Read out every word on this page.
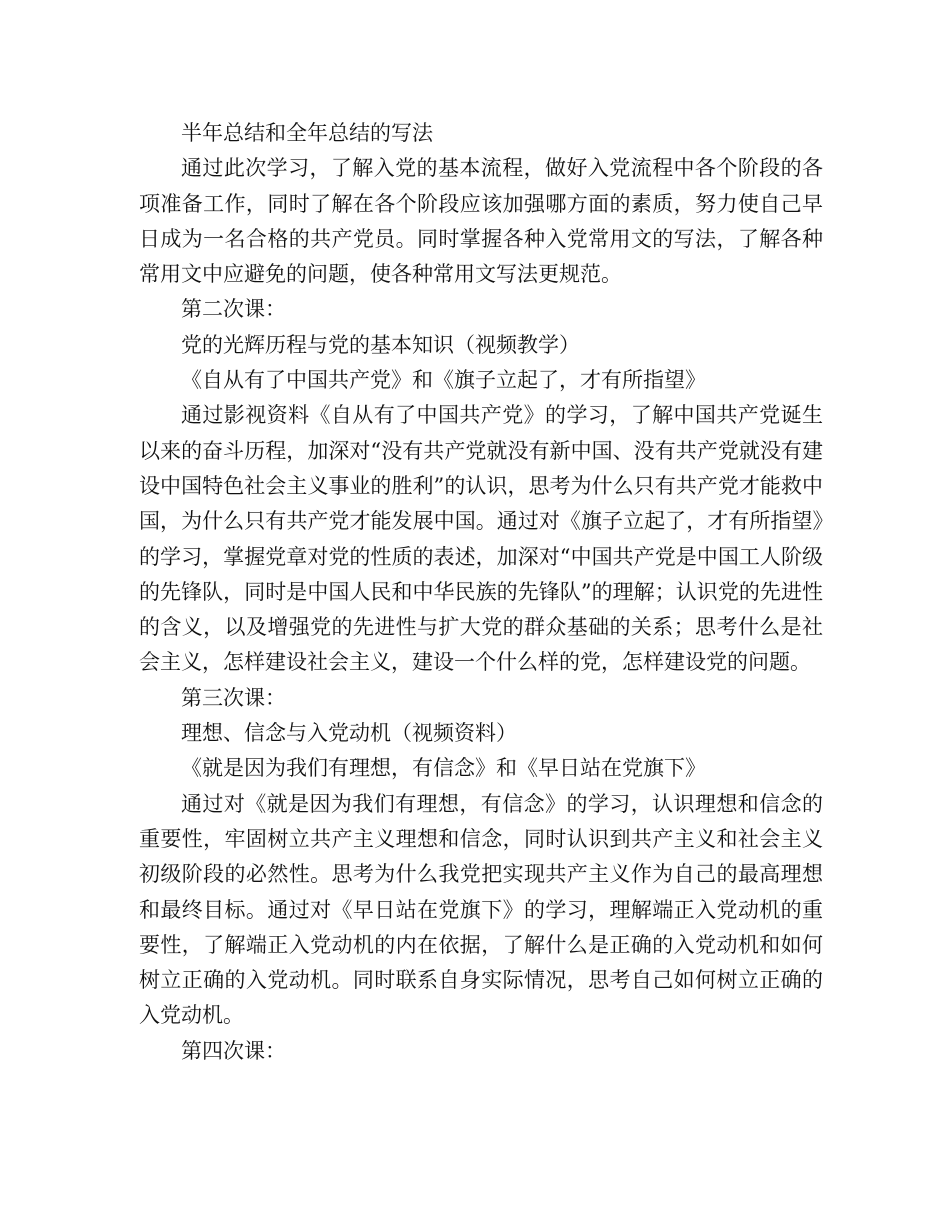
半年总结和全年总结的写法

通过此次学习，了解入党的基本流程，做好入党流程中各个阶段的各项准备工作，同时了解在各个阶段应该加强哪方面的素质，努力使自己早日成为一名合格的共产党员。同时掌握各种入党常用文的写法，了解各种常用文中应避免的问题，使各种常用文写法更规范。

第二次课：

党的光辉历程与党的基本知识（视频教学）

《自从有了中国共产党》和《旗子立起了，才有所指望》

通过影视资料《自从有了中国共产党》的学习，了解中国共产党诞生以来的奋斗历程，加深对“没有共产党就没有新中国、没有共产党就没有建设中国特色社会主义事业的胜利”的认识，思考为什么只有共产党才能救中国，为什么只有共产党才能发展中国。通过对《旗子立起了，才有所指望》的学习，掌握党章对党的性质的表述，加深对“中国共产党是中国工人阶级的先锋队，同时是中国人民和中华民族的先锋队”的理解；认识党的先进性的含义，以及增强党的先进性与扩大党的群众基础的关系；思考什么是社会主义，怎样建设社会主义，建设一个什么样的党，怎样建设党的问题。

第三次课：

理想、信念与入党动机（视频资料）

《就是因为我们有理想，有信念》和《早日站在党旗下》

通过对《就是因为我们有理想，有信念》的学习，认识理想和信念的重要性，牢固树立共产主义理想和信念，同时认识到共产主义和社会主义初级阶段的必然性。思考为什么我党把实现共产主义作为自己的最高理想和最终目标。通过对《早日站在党旗下》的学习，理解端正入党动机的重要性，了解端正入党动机的内在依据，了解什么是正确的入党动机和如何树立正确的入党动机。同时联系自身实际情况，思考自己如何树立正确的入党动机。

第四次课：
